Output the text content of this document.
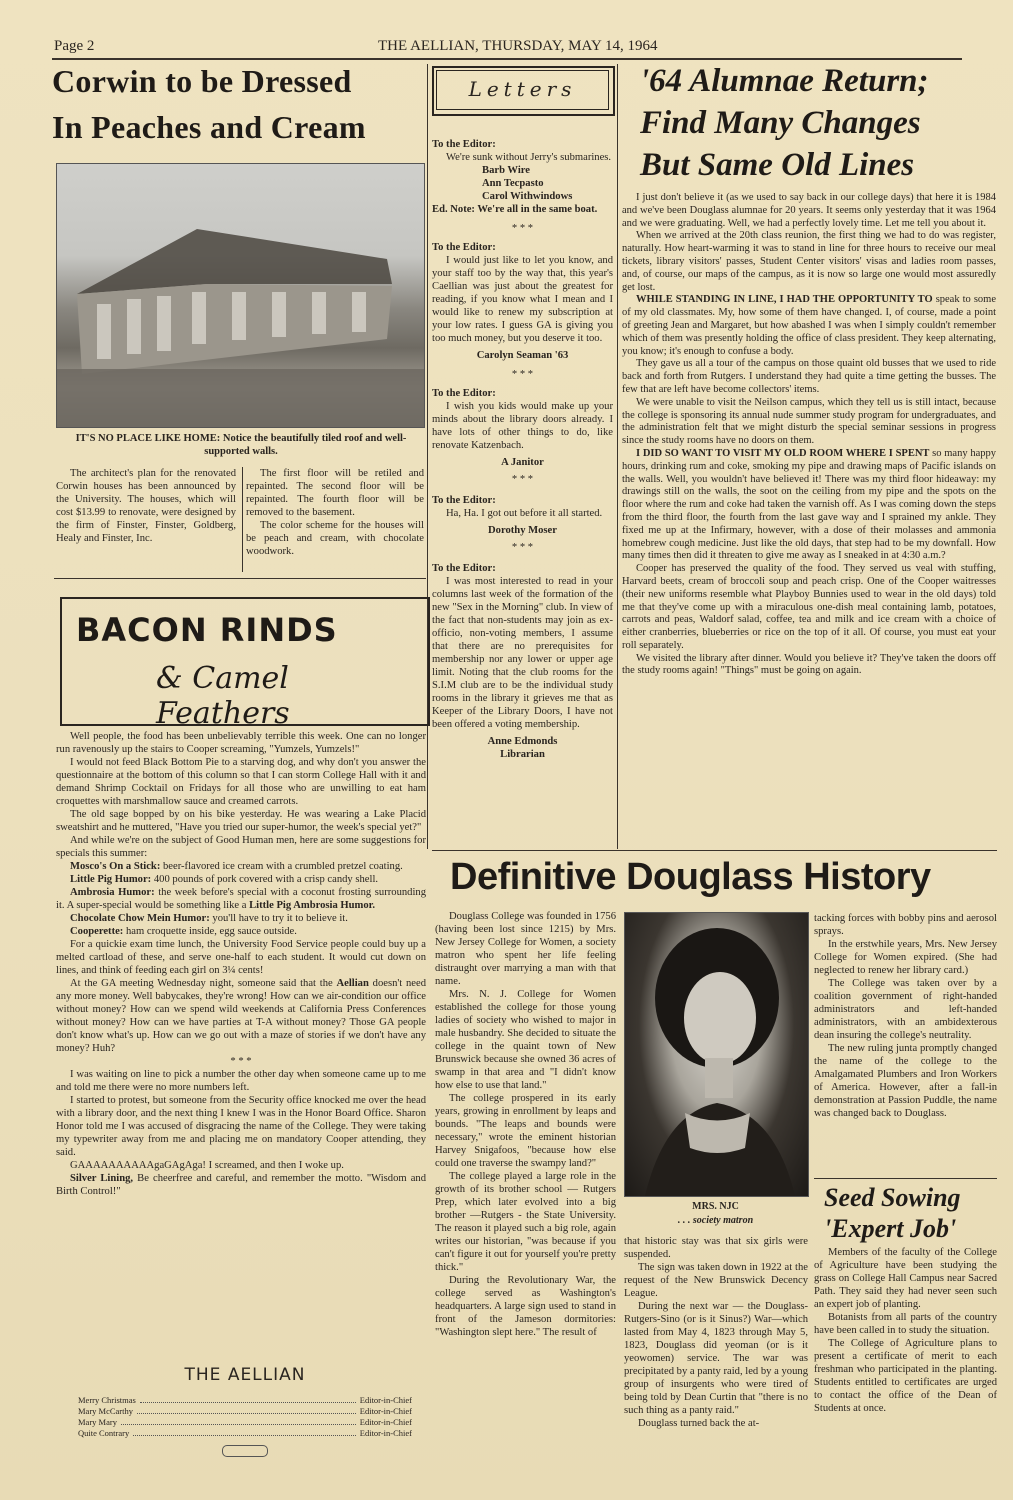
Page 2	THE AELLIAN, THURSDAY, MAY 14, 1964
Corwin to be Dressed
In Peaches and Cream
IT'S NO PLACE LIKE HOME: Notice the beautifully tiled roof and well-supported walls.

The architect's plan for the renovated Corwin houses has been announced by the University. The houses, which will cost $13.99 to renovate, were designed by the firm of Finster, Finster, Goldberg, Healy and Finster, Inc.

The first floor will be retiled and repainted. The second floor will be repainted. The fourth floor will be removed to the basement.

The color scheme for the houses will be peach and cream, with chocolate woodwork.

BACON RINDS
& Camel Feathers

Well people, the food has been unbelievably terrible this week. One can no longer run ravenously up the stairs to Cooper screaming, "Yumzels, Yumzels!"

I would not feed Black Bottom Pie to a starving dog, and why don't you answer the questionnaire at the bottom of this column so that I can storm College Hall with it and demand Shrimp Cocktail on Fridays for all those who are unwilling to eat ham croquettes with marshmallow sauce and creamed carrots.

The old sage bopped by on his bike yesterday. He was wearing a Lake Placid sweatshirt and he muttered, "Have you tried our super-humor, the week's special yet?"

And while we're on the subject of Good Human men, here are some suggestions for specials this summer:

Mosco's On a Stick: beer-flavored ice cream with a crumbled pretzel coating.

Little Pig Humor: 400 pounds of pork covered with a crisp candy shell.

Ambrosia Humor: the week before's special with a coconut frosting surrounding it. A super-special would be something like a Little Pig Ambrosia Humor.

Chocolate Chow Mein Humor: you'll have to try it to believe it.

Cooperette: ham croquette inside, egg sauce outside.

For a quickie exam time lunch, the University Food Service people could buy up a melted cartload of these, and serve one-half to each student. It would cut down on lines, and think of feeding each girl on 3¼ cents!

At the GA meeting Wednesday night, someone said that the Aellian doesn't need any more money. Well babycakes, they're wrong! How can we air-condition our office without money? How can we spend wild weekends at California Press Conferences without money? How can we have parties at T-A without money? Those GA people don't know what's up. How can we go out with a maze of stories if we don't have any money? Huh?

* * *

I was waiting on line to pick a number the other day when someone came up to me and told me there were no more numbers left.

I started to protest, but someone from the Security office knocked me over the head with a library door, and the next thing I knew I was in the Honor Board Office. Sharon Honor told me I was accused of disgracing the name of the College. They were taking my typewriter away from me and placing me on mandatory Cooper attending, they said.

GAAAAAAAAAAgaGAgAga! I screamed, and then I woke up.

Silver Lining, Be cheerfree and careful, and remember the motto. "Wisdom and Birth Control!"

THE AELLIAN
Merry Christmas	Editor-in-Chief
Mary McCarthy	Editor-in-Chief
Mary Mary	Editor-in-Chief
Quite Contrary	Editor-in-Chief
Letters

To the Editor:

We're sunk without Jerry's submarines.

Barb Wire

Ann Tecpasto

Carol Withwindows

Ed. Note: We're all in the same boat.

* * *

To the Editor:

I would just like to let you know, and your staff too by the way that, this year's Caellian was just about the greatest for reading, if you know what I mean and I would like to renew my subscription at your low rates. I guess GA is giving you too much money, but you deserve it too.

Carolyn Seaman '63

* * *

To the Editor:

I wish you kids would make up your minds about the library doors already. I have lots of other things to do, like renovate Katzenbach.

A Janitor

* * *

To the Editor:

Ha, Ha. I got out before it all started.

Dorothy Moser

* * *

To the Editor:

I was most interested to read in your columns last week of the formation of the new "Sex in the Morning" club. In view of the fact that non-students may join as ex-officio, non-voting members, I assume that there are no prerequisites for membership nor any lower or upper age limit. Noting that the club rooms for the S.I.M club are to be the individual study rooms in the library it grieves me that as Keeper of the Library Doors, I have not been offered a voting membership.

Anne Edmonds

Librarian

'64 Alumnae Return;
Find Many Changes
But Same Old Lines

I just don't believe it (as we used to say back in our college days) that here it is 1984 and we've been Douglass alumnae for 20 years. It seems only yesterday that it was 1964 and we were graduating. Well, we had a perfectly lovely time. Let me tell you about it.

When we arrived at the 20th class reunion, the first thing we had to do was register, naturally. How heart-warming it was to stand in line for three hours to receive our meal tickets, library visitors' passes, Student Center visitors' visas and ladies room passes, and, of course, our maps of the campus, as it is now so large one would most assuredly get lost.

WHILE STANDING IN LINE, I HAD THE OPPORTUNITY TO speak to some of my old classmates. My, how some of them have changed. I, of course, made a point of greeting Jean and Margaret, but how abashed I was when I simply couldn't remember which of them was presently holding the office of class president. They keep alternating, you know; it's enough to confuse a body.

They gave us all a tour of the campus on those quaint old busses that we used to ride back and forth from Rutgers. I understand they had quite a time getting the busses. The few that are left have become collectors' items.

We were unable to visit the Neilson campus, which they tell us is still intact, because the college is sponsoring its annual nude summer study program for undergraduates, and the administration felt that we might disturb the special seminar sessions in progress since the study rooms have no doors on them.

I DID SO WANT TO VISIT MY OLD ROOM WHERE I SPENT so many happy hours, drinking rum and coke, smoking my pipe and drawing maps of Pacific islands on the walls. Well, you wouldn't have believed it! There was my third floor hideaway: my drawings still on the walls, the soot on the ceiling from my pipe and the spots on the floor where the rum and coke had taken the varnish off. As I was coming down the steps from the third floor, the fourth from the last gave way and I sprained my ankle. They fixed me up at the Infirmary, however, with a dose of their molasses and ammonia homebrew cough medicine. Just like the old days, that step had to be my downfall. How many times then did it threaten to give me away as I sneaked in at 4:30 a.m.?

Cooper has preserved the quality of the food. They served us veal with stuffing, Harvard beets, cream of broccoli soup and peach crisp. One of the Cooper waitresses (their new uniforms resemble what Playboy Bunnies used to wear in the old days) told me that they've come up with a miraculous one-dish meal containing lamb, potatoes, carrots and peas, Waldorf salad, coffee, tea and milk and ice cream with a choice of either cranberries, blueberries or rice on the top of it all. Of course, you must eat your roll separately.

We visited the library after dinner. Would you believe it? They've taken the doors off the study rooms again! "Things" must be going on again.

Definitive Douglass History

Douglass College was founded in 1756 (having been lost since 1215) by Mrs. New Jersey College for Women, a society matron who spent her life feeling distraught over marrying a man with that name.

Mrs. N. J. College for Women established the college for those young ladies of society who wished to major in male husbandry. She decided to situate the college in the quaint town of New Brunswick because she owned 36 acres of swamp in that area and "I didn't know how else to use that land."

The college prospered in its early years, growing in enrollment by leaps and bounds. "The leaps and bounds were necessary," wrote the eminent historian Harvey Snigafoos, "because how else could one traverse the swampy land?"

The college played a large role in the growth of its brother school — Rutgers Prep, which later evolved into a big brother —Rutgers - the State University. The reason it played such a big role, again writes our historian, "was because if you can't figure it out for yourself you're pretty thick."

During the Revolutionary War, the college served as Washington's headquarters. A large sign used to stand in front of the Jameson dormitories: "Washington slept here." The result of

MRS. NJC
. . . society matron

that historic stay was that six girls were suspended.

The sign was taken down in 1922 at the request of the New Brunswick Decency League.

During the next war — the Douglass-Rutgers-Sino (or is it Sinus?) War—which lasted from May 4, 1823 through May 5, 1823, Douglass did yeoman (or is it yeowomen) service. The war was precipitated by a panty raid, led by a young group of insurgents who were tired of being told by Dean Curtin that "there is no such thing as a panty raid."

Douglass turned back the at-

tacking forces with bobby pins and aerosol sprays.

In the erstwhile years, Mrs. New Jersey College for Women expired. (She had neglected to renew her library card.)

The College was taken over by a coalition government of right-handed administrators and left-handed administrators, with an ambidexterous dean insuring the college's neutrality.

The new ruling junta promptly changed the name of the college to the Amalgamated Plumbers and Iron Workers of America. However, after a fall-in demonstration at Passion Puddle, the name was changed back to Douglass.

Seed Sowing
'Expert Job'

Members of the faculty of the College of Agriculture have been studying the grass on College Hall Campus near Sacred Path. They said they had never seen such an expert job of planting.

Botanists from all parts of the country have been called in to study the situation.

The College of Agriculture plans to present a certificate of merit to each freshman who participated in the planting. Students entitled to certificates are urged to contact the office of the Dean of Students at once.
